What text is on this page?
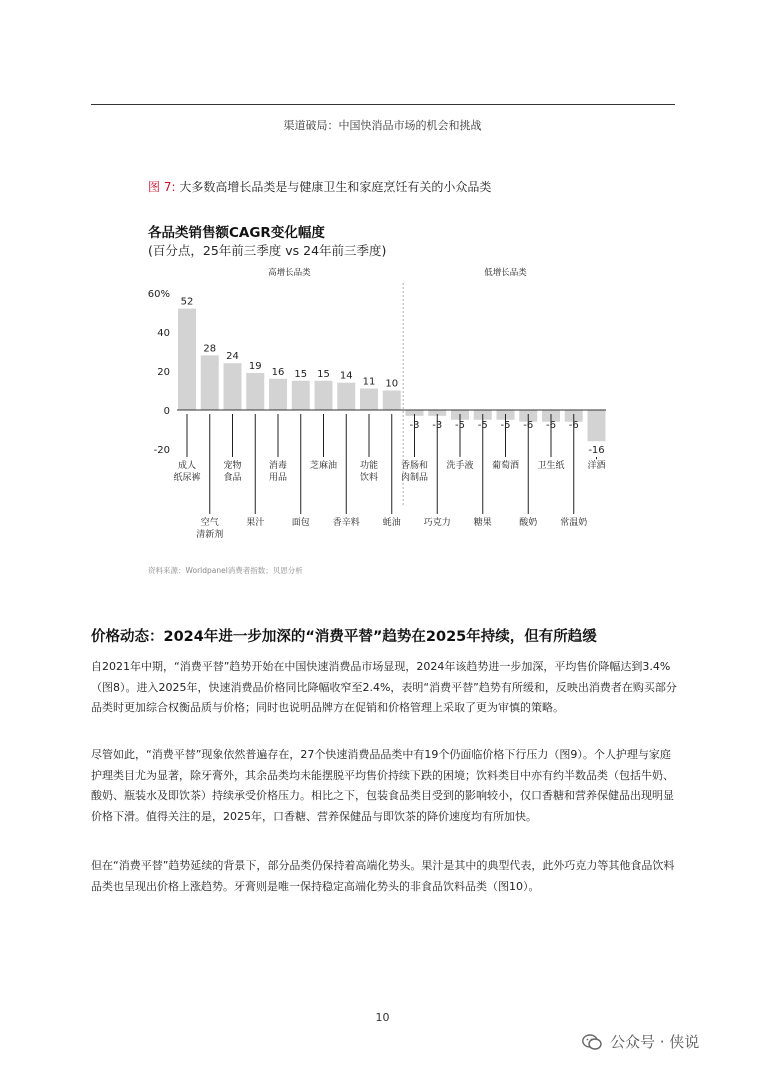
渠道破局：中国快消品市场的机会和挑战
图 7: 大多数高增长品类是与健康卫生和家庭烹饪有关的小众品类
各品类销售额CAGR变化幅度
(百分点，25年前三季度 vs 24年前三季度)
高增长品类	低增长品类
60%
40
20
0
-20
52
成人纸尿裤
28
空气清新剂
24
宠物食品
19
果汁
16
消毒用品
15
面包
15
芝麻油
14
香辛料
11
功能饮料
10
蚝油
-3
香肠和肉制品
-3
巧克力
-5
洗手液
-5
糖果
-5
葡萄酒
-6
酸奶
-6
卫生纸
-6
常温奶
-16
洋酒
资料来源：Worldpanel消费者指数；贝恩分析
价格动态：2024年进一步加深的“消费平替”趋势在2025年持续，但有所趋缓

自2021年中期，“消费平替”趋势开始在中国快速消费品市场显现，2024年该趋势进一步加深，平均售价降幅达到3.4%（图8）。进入2025年，快速消费品价格同比降幅收窄至2.4%，表明“消费平替”趋势有所缓和，反映出消费者在购买部分品类时更加综合权衡品质与价格；同时也说明品牌方在促销和价格管理上采取了更为审慎的策略。

尽管如此，“消费平替”现象依然普遍存在，27个快速消费品品类中有19个仍面临价格下行压力（图9）。个人护理与家庭护理类目尤为显著，除牙膏外，其余品类均未能摆脱平均售价持续下跌的困境；饮料类目中亦有约半数品类（包括牛奶、酸奶、瓶装水及即饮茶）持续承受价格压力。相比之下，包装食品类目受到的影响较小，仅口香糖和营养保健品出现明显价格下滑。值得关注的是，2025年，口香糖、营养保健品与即饮茶的降价速度均有所加快。

但在“消费平替”趋势延续的背景下，部分品类仍保持着高端化势头。果汁是其中的典型代表，此外巧克力等其他食品饮料品类也呈现出价格上涨趋势。牙膏则是唯一保持稳定高端化势头的非食品饮料品类（图10）。

10
公众号 · 侠说
